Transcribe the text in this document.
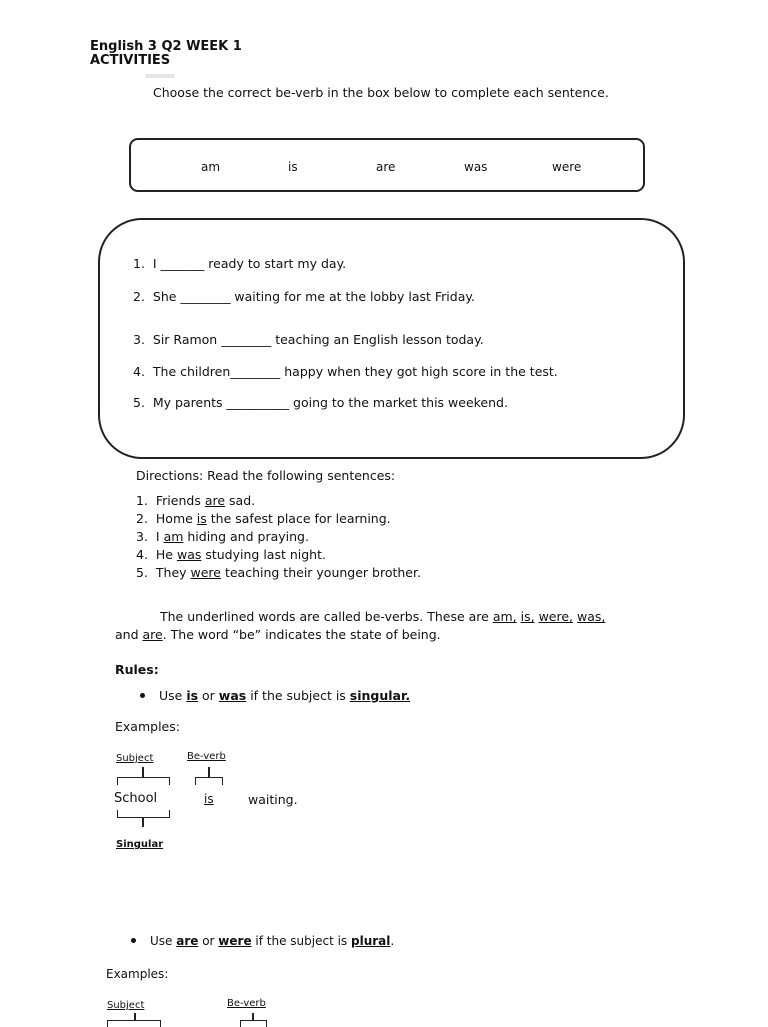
English 3 Q2 WEEK 1
ACTIVITIES
Choose the correct be-verb in the box below to complete each sentence.
am	is	are	was	were
1. I _______ ready to start my day.
2. She ________ waiting for me at the lobby last Friday.
3. Sir Ramon ________ teaching an English lesson today.
4. The children________ happy when they got high score in the test.
5. My parents __________ going to the market this weekend.
Directions: Read the following sentences:
1. Friends are sad.
2. Home is the safest place for learning.
3. I am hiding and praying.
4. He was studying last night.
5. They were teaching their younger brother.
The underlined words are called be-verbs. These are am, is, were, was,
and are. The word “be” indicates the state of being.
Rules:
Use is or was if the subject is singular.
Examples:
Subject	Be-verb
School	is	waiting.
Singular
Use are or were if the subject is plural.
Examples:
Subject	Be-verb
